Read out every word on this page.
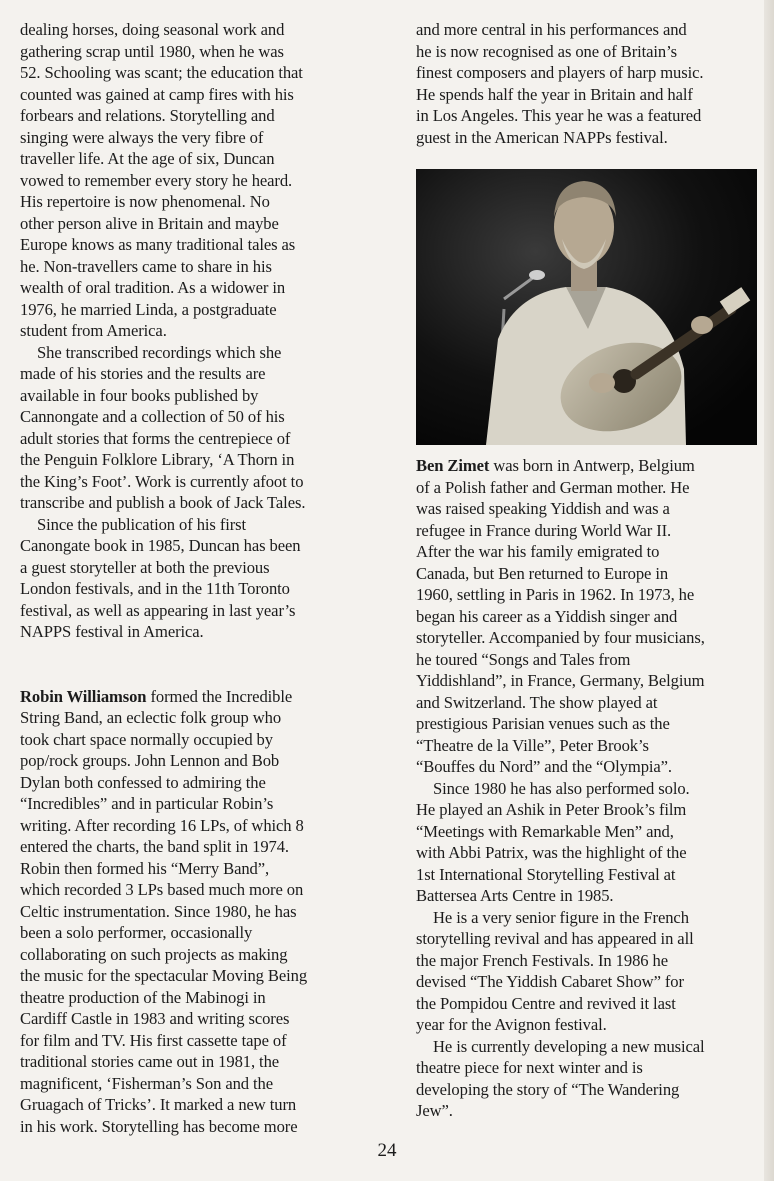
dealing horses, doing seasonal work and
gathering scrap until 1980, when he was
52. Schooling was scant; the education that
counted was gained at camp fires with his
forbears and relations. Storytelling and
singing were always the very fibre of
traveller life. At the age of six, Duncan
vowed to remember every story he heard.
His repertoire is now phenomenal. No
other person alive in Britain and maybe
Europe knows as many traditional tales as
he. Non-travellers came to share in his
wealth of oral tradition. As a widower in
1976, he married Linda, a postgraduate
student from America.
She transcribed recordings which she
made of his stories and the results are
available in four books published by
Cannongate and a collection of 50 of his
adult stories that forms the centrepiece of
the Penguin Folklore Library, ‘A Thorn in
the King’s Foot’. Work is currently afoot to
transcribe and publish a book of Jack Tales.
Since the publication of his first
Canongate book in 1985, Duncan has been
a guest storyteller at both the previous
London festivals, and in the 11th Toronto
festival, as well as appearing in last year’s
NAPPS festival in America.
Robin Williamson formed the Incredible
String Band, an eclectic folk group who
took chart space normally occupied by
pop/rock groups. John Lennon and Bob
Dylan both confessed to admiring the
“Incredibles” and in particular Robin’s
writing. After recording 16 LPs, of which 8
entered the charts, the band split in 1974.
Robin then formed his “Merry Band”,
which recorded 3 LPs based much more on
Celtic instrumentation. Since 1980, he has
been a solo performer, occasionally
collaborating on such projects as making
the music for the spectacular Moving Being
theatre production of the Mabinogi in
Cardiff Castle in 1983 and writing scores
for film and TV. His first cassette tape of
traditional stories came out in 1981, the
magnificent, ‘Fisherman’s Son and the
Gruagach of Tricks’. It marked a new turn
in his work. Storytelling has become more
and more central in his performances and
he is now recognised as one of Britain’s
finest composers and players of harp music.
He spends half the year in Britain and half
in Los Angeles. This year he was a featured
guest in the American NAPPs festival.
Ben Zimet was born in Antwerp, Belgium
of a Polish father and German mother. He
was raised speaking Yiddish and was a
refugee in France during World War II.
After the war his family emigrated to
Canada, but Ben returned to Europe in
1960, settling in Paris in 1962. In 1973, he
began his career as a Yiddish singer and
storyteller. Accompanied by four musicians,
he toured “Songs and Tales from
Yiddishland”, in France, Germany, Belgium
and Switzerland. The show played at
prestigious Parisian venues such as the
“Theatre de la Ville”, Peter Brook’s
“Bouffes du Nord” and the “Olympia”.
Since 1980 he has also performed solo.
He played an Ashik in Peter Brook’s film
“Meetings with Remarkable Men” and,
with Abbi Patrix, was the highlight of the
1st International Storytelling Festival at
Battersea Arts Centre in 1985.
He is a very senior figure in the French
storytelling revival and has appeared in all
the major French Festivals. In 1986 he
devised “The Yiddish Cabaret Show” for
the Pompidou Centre and revived it last
year for the Avignon festival.
He is currently developing a new musical
theatre piece for next winter and is
developing the story of “The Wandering
Jew”.
24
